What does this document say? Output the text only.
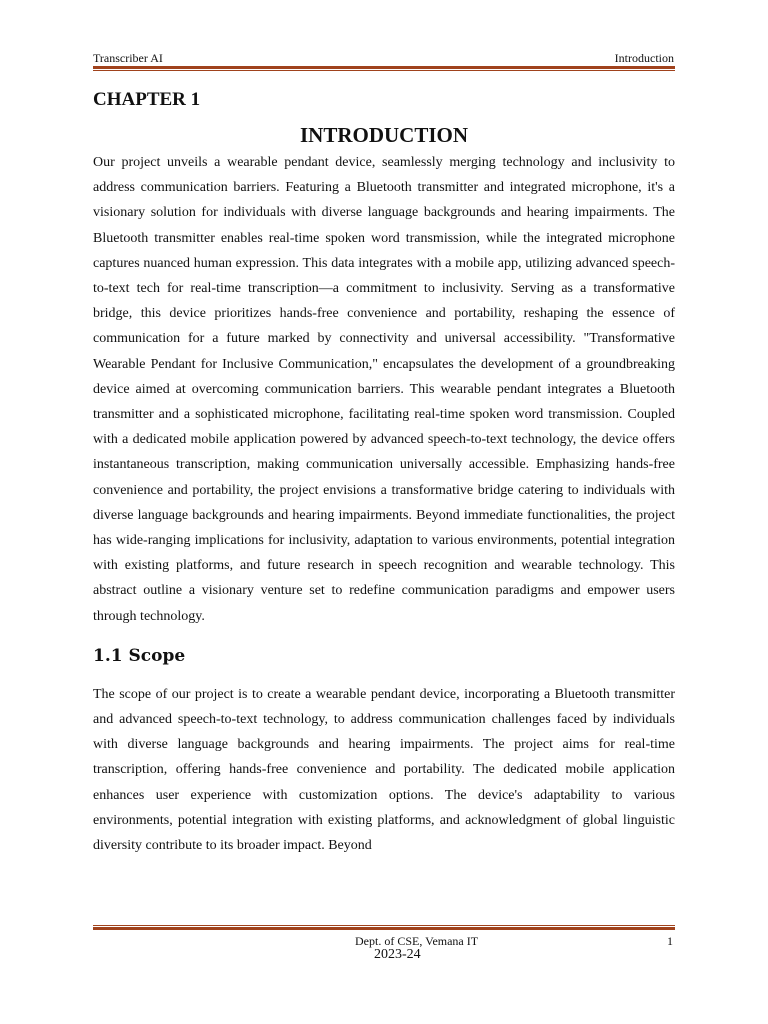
Transcriber AI	Introduction
CHAPTER 1
INTRODUCTION

Our project unveils a wearable pendant device, seamlessly merging technology and inclusivity to address communication barriers. Featuring a Bluetooth transmitter and integrated microphone, it's a visionary solution for individuals with diverse language backgrounds and hearing impairments. The Bluetooth transmitter enables real-time spoken word transmission, while the integrated microphone captures nuanced human expression. This data integrates with a mobile app, utilizing advanced speech-to-text tech for real-time transcription—a commitment to inclusivity. Serving as a transformative bridge, this device prioritizes hands-free convenience and portability, reshaping the essence of communication for a future marked by connectivity and universal accessibility. "Transformative Wearable Pendant for Inclusive Communication," encapsulates the development of a groundbreaking device aimed at overcoming communication barriers. This wearable pendant integrates a Bluetooth transmitter and a sophisticated microphone, facilitating real-time spoken word transmission. Coupled with a dedicated mobile application powered by advanced speech-to-text technology, the device offers instantaneous transcription, making communication universally accessible. Emphasizing hands-free convenience and portability, the project envisions a transformative bridge catering to individuals with diverse language backgrounds and hearing impairments. Beyond immediate functionalities, the project has wide-ranging implications for inclusivity, adaptation to various environments, potential integration with existing platforms, and future research in speech recognition and wearable technology. This abstract outline a visionary venture set to redefine communication paradigms and empower users through technology.

1.1 Scope

The scope of our project is to create a wearable pendant device, incorporating a Bluetooth transmitter and advanced speech-to-text technology, to address communication challenges faced by individuals with diverse language backgrounds and hearing impairments. The project aims for real-time transcription, offering hands-free convenience and portability. The dedicated mobile application enhances user experience with customization options. The device's adaptability to various environments, potential integration with existing platforms, and acknowledgment of global linguistic diversity contribute to its broader impact. Beyond

Dept. of CSE, Vemana IT	1
2023-24
